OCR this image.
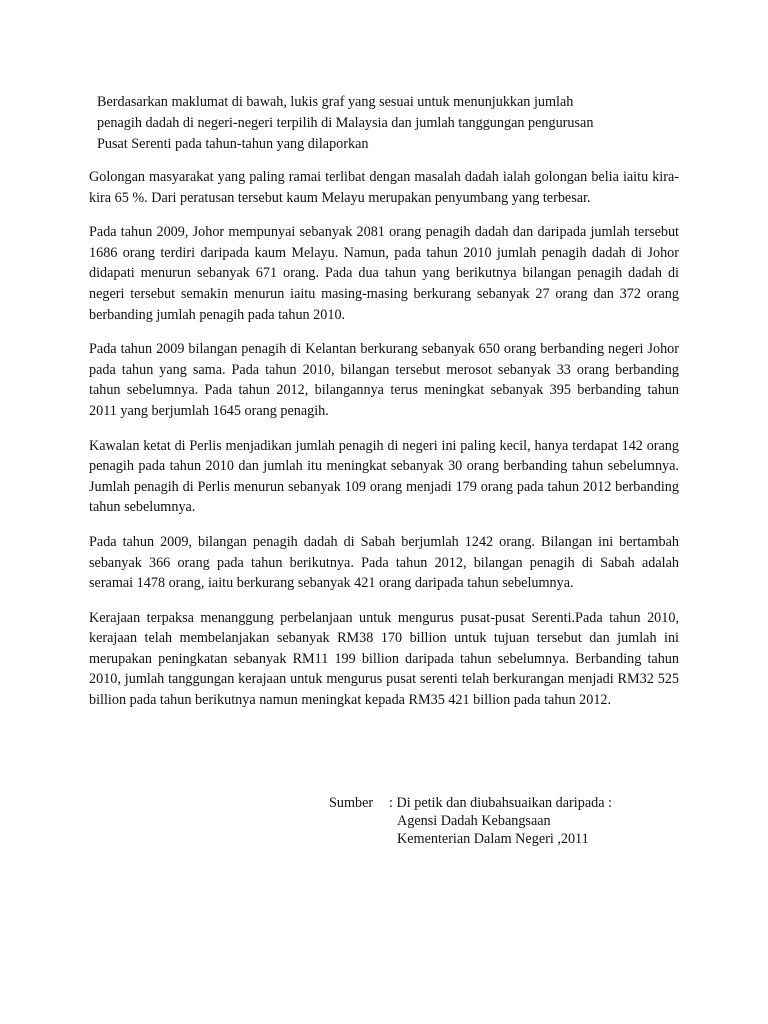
Berdasarkan maklumat di bawah, lukis graf yang sesuai untuk menunjukkan jumlah
penagih dadah di negeri-negeri terpilih di Malaysia dan jumlah tanggungan pengurusan
Pusat Serenti pada tahun-tahun yang dilaporkan

Golongan masyarakat yang paling ramai terlibat dengan masalah dadah ialah golongan belia iaitu kira-kira 65 %. Dari peratusan tersebut kaum Melayu merupakan penyumbang yang terbesar.

Pada tahun 2009, Johor mempunyai sebanyak 2081 orang penagih dadah dan daripada jumlah tersebut 1686 orang terdiri daripada kaum Melayu. Namun, pada tahun 2010 jumlah penagih dadah di Johor didapati menurun sebanyak 671 orang. Pada dua tahun yang berikutnya bilangan penagih dadah di negeri tersebut semakin menurun iaitu masing-masing berkurang sebanyak 27 orang dan 372 orang berbanding jumlah penagih pada tahun 2010.

Pada tahun 2009 bilangan penagih di Kelantan berkurang sebanyak 650 orang berbanding negeri Johor pada tahun yang sama. Pada tahun 2010, bilangan tersebut merosot sebanyak 33 orang berbanding tahun sebelumnya. Pada tahun 2012, bilangannya terus meningkat sebanyak 395 berbanding tahun 2011 yang berjumlah 1645 orang penagih.

Kawalan ketat di Perlis menjadikan jumlah penagih di negeri ini paling kecil, hanya terdapat 142 orang penagih pada tahun 2010 dan jumlah itu meningkat sebanyak 30 orang berbanding tahun sebelumnya. Jumlah penagih di Perlis menurun sebanyak 109 orang menjadi 179 orang pada tahun 2012 berbanding tahun sebelumnya.

Pada tahun 2009, bilangan penagih dadah di Sabah berjumlah 1242 orang. Bilangan ini bertambah sebanyak 366 orang pada tahun berikutnya. Pada tahun 2012, bilangan penagih di Sabah adalah seramai 1478 orang, iaitu berkurang sebanyak 421 orang daripada tahun sebelumnya.

Kerajaan terpaksa menanggung perbelanjaan untuk mengurus pusat-pusat Serenti.Pada tahun 2010, kerajaan telah membelanjakan sebanyak RM38 170 billion untuk tujuan tersebut dan jumlah ini merupakan peningkatan sebanyak RM11 199 billion daripada tahun sebelumnya. Berbanding tahun 2010, jumlah tanggungan kerajaan untuk mengurus pusat serenti telah berkurangan menjadi RM32 525 billion pada tahun berikutnya namun meningkat kepada RM35 421 billion pada tahun 2012.

Sumber	: Di petik dan diubahsuaikan daripada :
Agensi Dadah Kebangsaan
Kementerian Dalam Negeri ,2011
